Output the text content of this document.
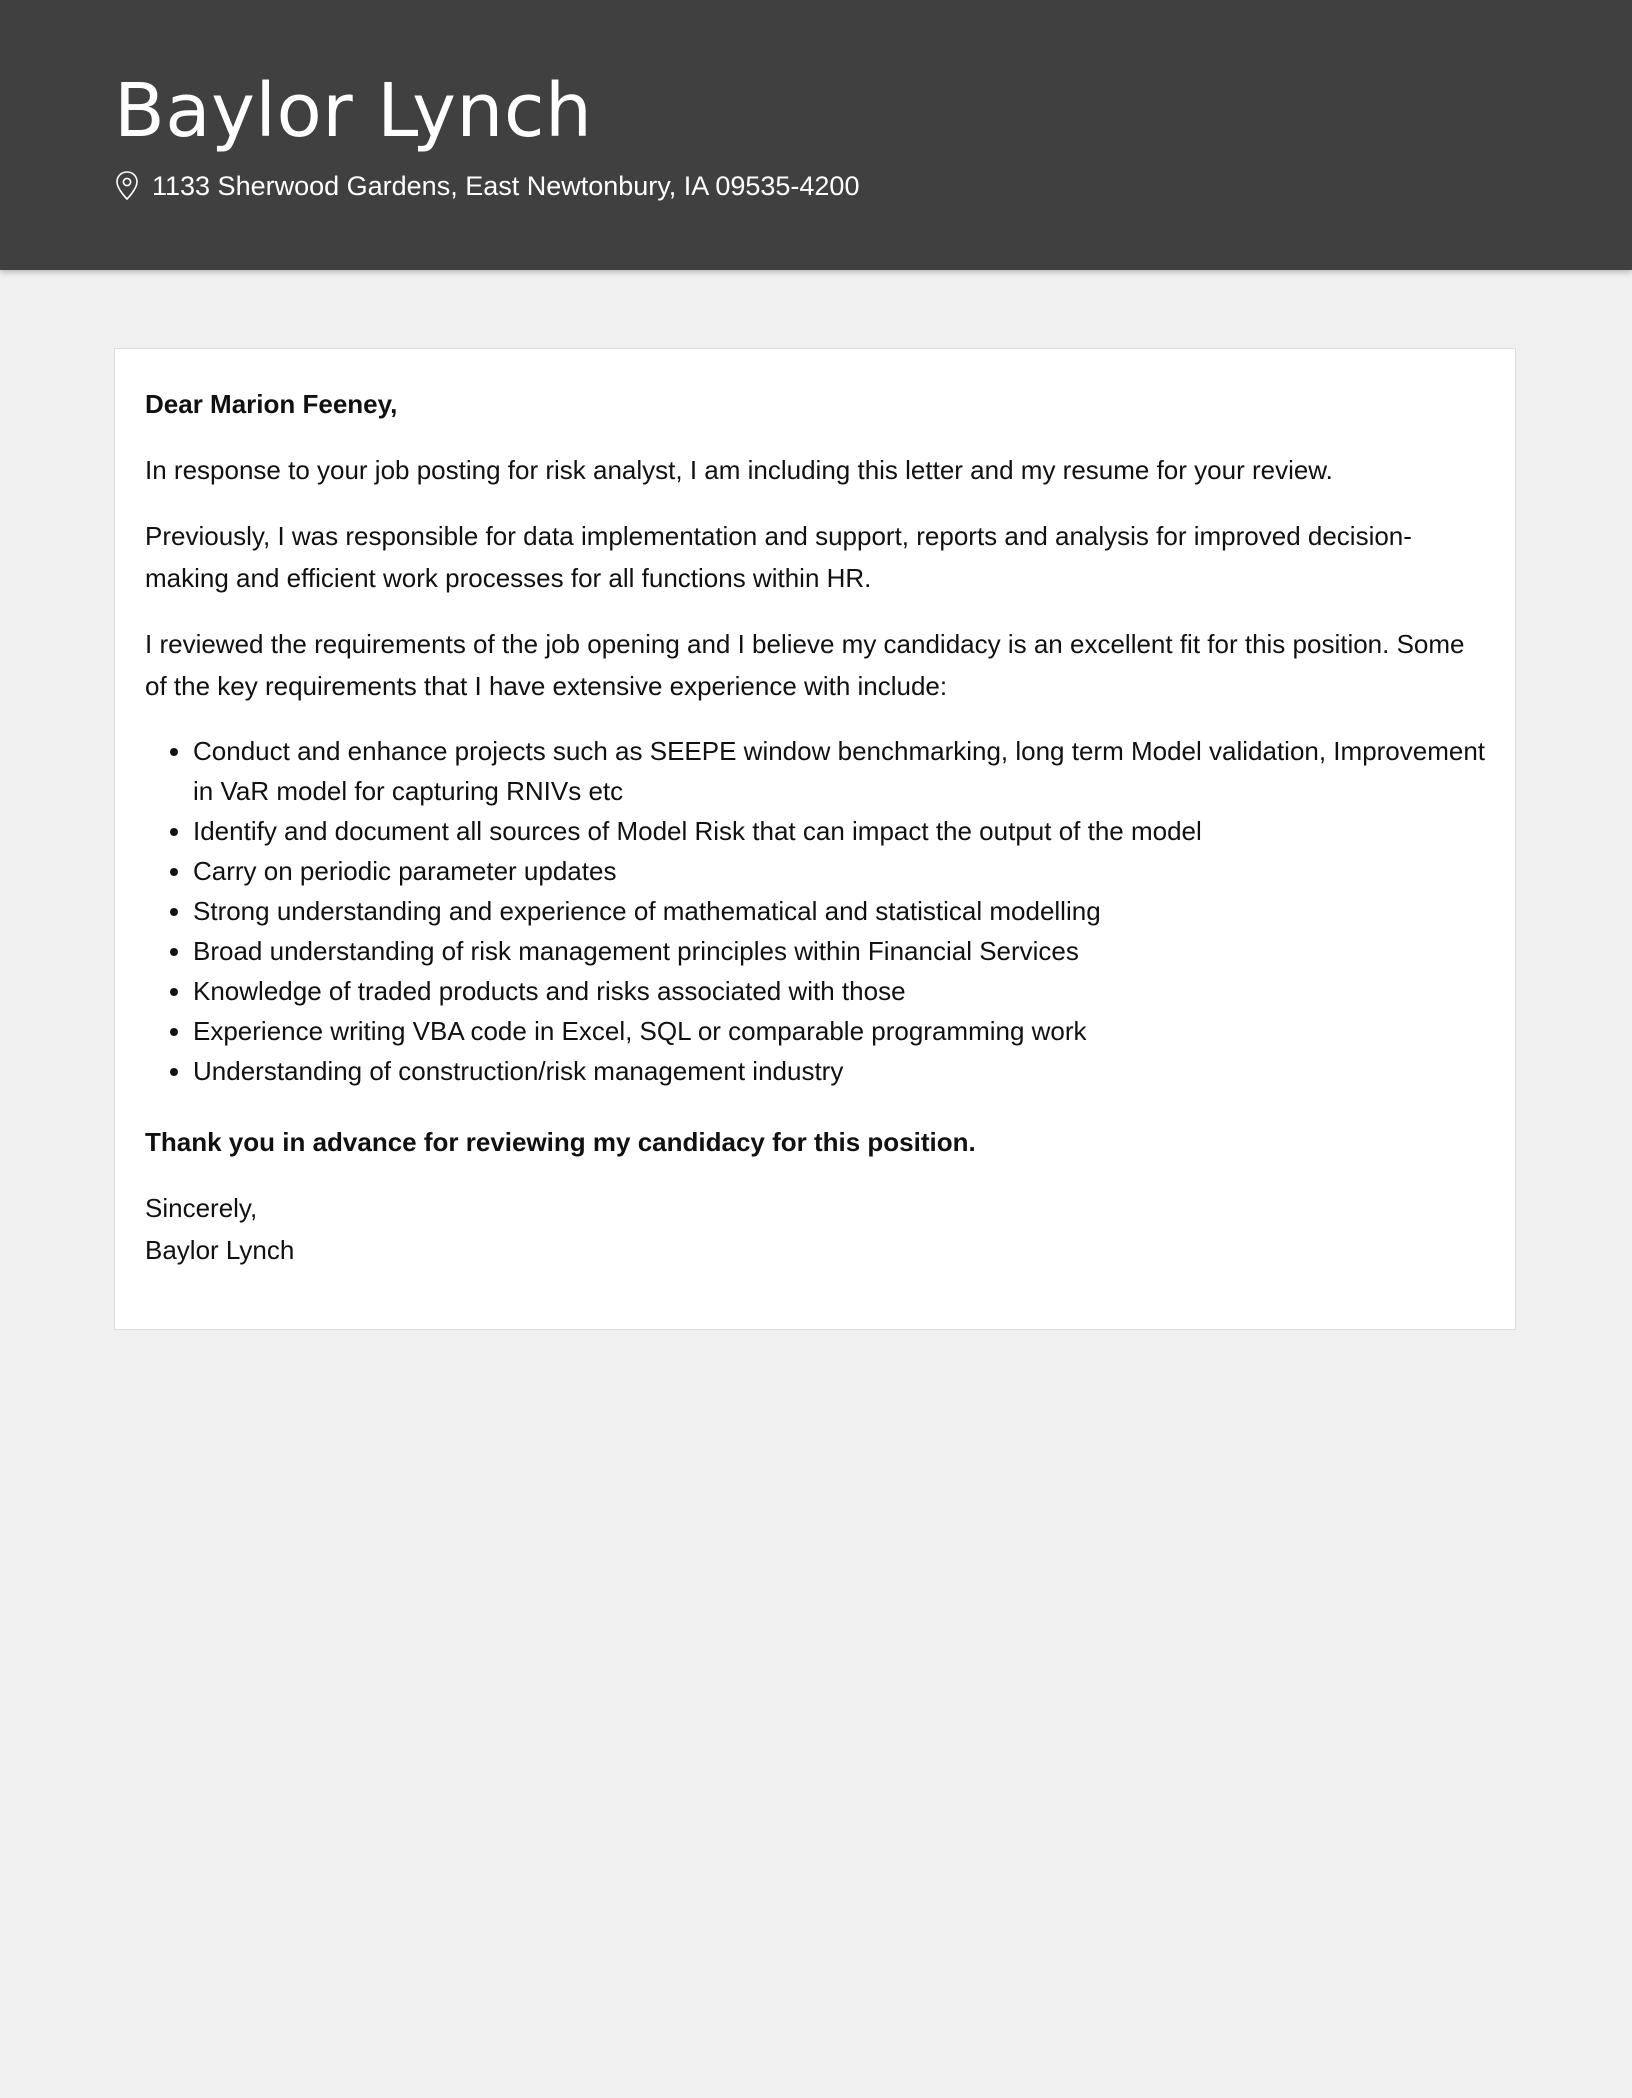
Baylor Lynch
1133 Sherwood Gardens, East Newtonbury, IA 09535-4200

Dear Marion Feeney,

In response to your job posting for risk analyst, I am including this letter and my resume for your review.

Previously, I was responsible for data implementation and support, reports and analysis for improved decision-making and efficient work processes for all functions within HR.

I reviewed the requirements of the job opening and I believe my candidacy is an excellent fit for this position. Some of the key requirements that I have extensive experience with include:

• Conduct and enhance projects such as SEEPE window benchmarking, long term Model validation, Improvement in VaR model for capturing RNIVs etc
• Identify and document all sources of Model Risk that can impact the output of the model
• Carry on periodic parameter updates
• Strong understanding and experience of mathematical and statistical modelling
• Broad understanding of risk management principles within Financial Services
• Knowledge of traded products and risks associated with those
• Experience writing VBA code in Excel, SQL or comparable programming work
• Understanding of construction/risk management industry

Thank you in advance for reviewing my candidacy for this position.

Sincerely,
Baylor Lynch
